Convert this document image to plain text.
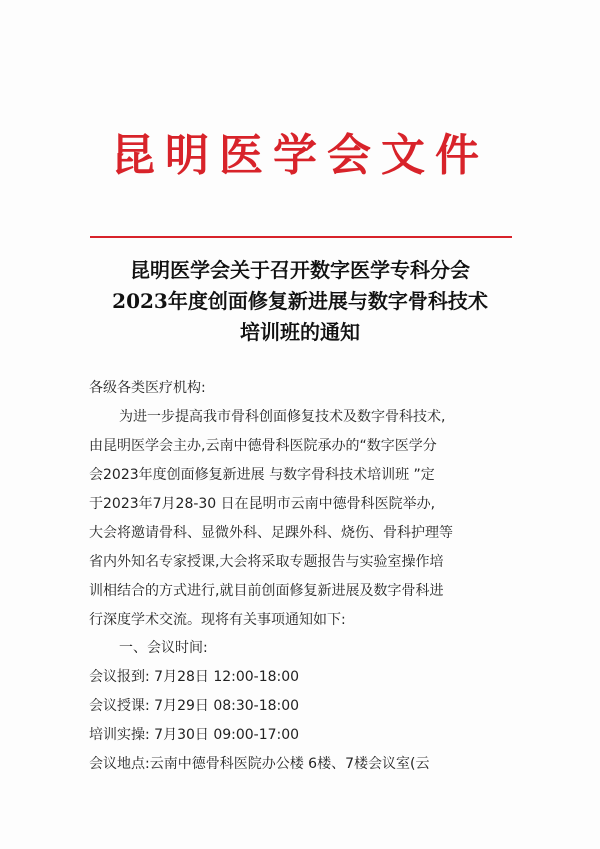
昆明医学会文件
昆明医学会关于召开数字医学专科分会
2023年度创面修复新进展与数字骨科技术
培训班的通知
各级各类医疗机构:
为进一步提高我市骨科创面修复技术及数字骨科技术,
由昆明医学会主办,云南中德骨科医院承办的“数字医学分
会2023年度创面修复新进展 与数字骨科技术培训班 ”定
于2023年7月28-30 日在昆明市云南中德骨科医院举办,
大会将邀请骨科、显微外科、足踝外科、烧伤、骨科护理等
省内外知名专家授课,大会将采取专题报告与实验室操作培
训相结合的方式进行,就目前创面修复新进展及数字骨科进
行深度学术交流。现将有关事项通知如下:
一、会议时间:
会议报到: 7月28日 12:00-18:00
会议授课: 7月29日 08:30-18:00
培训实操: 7月30日 09:00-17:00
会议地点:云南中德骨科医院办公楼 6楼、7楼会议室(云
